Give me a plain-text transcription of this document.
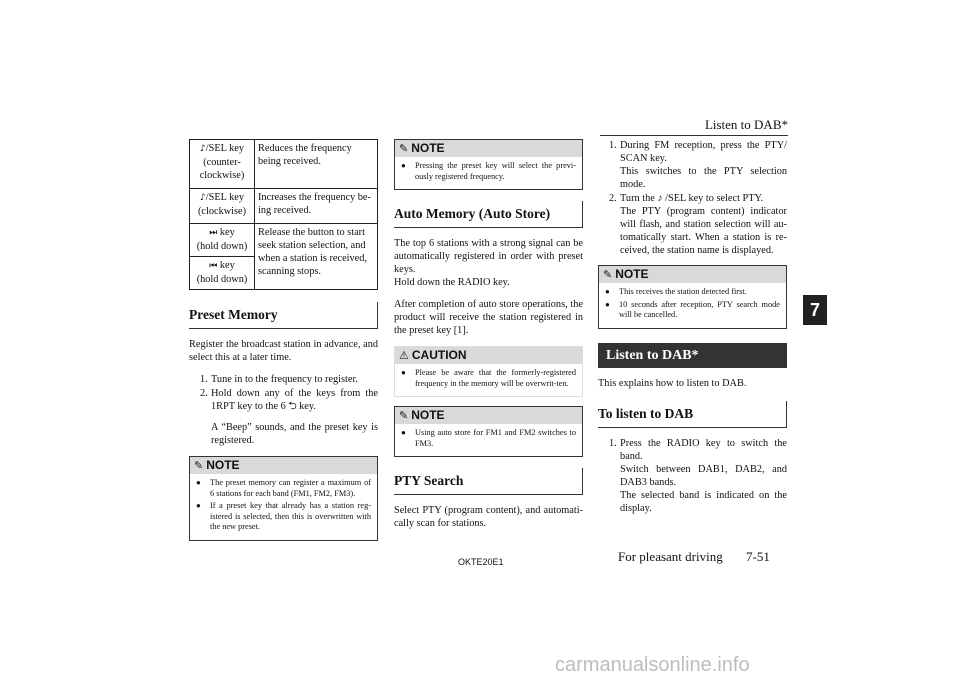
Listen to DAB*
7
♪/SEL key
(counter-
clockwise)	Reduces the frequency being received.
♪/SEL key
(clockwise)	Increases the frequency be- ing received.
⏭ key
(hold down)	Release the button to start seek station selection, and when a station is received, scanning stops.
⏮ key
(hold down)	
Preset Memory

Register the broadcast station in advance, and select this at a later time.

1. Tune in to the frequency to register.
2. Hold down any of the keys from the 1RPT key to the 6 ⮌ key.
A “Beep” sounds, and the preset key is registered.
✎ NOTE
● The preset memory can register a maximum of 6 stations for each band (FM1, FM2, FM3).
● If a preset key that already has a station reg-istered is selected, then this is overwritten with the new preset.
✎ NOTE
● Pressing the preset key will select the previ-ously registered frequency.
Auto Memory (Auto Store)

The top 6 stations with a strong signal can be automatically registered in order with preset keys.
Hold down the RADIO key.

After completion of auto store operations, the product will receive the station registered in the preset key [1].

⚠ CAUTION
● Please be aware that the formerly-registered frequency in the memory will be overwrit-ten.
✎ NOTE
● Using auto store for FM1 and FM2 switches to FM3.
PTY Search

Select PTY (program content), and automati-cally scan for stations.

1. During FM reception, press the PTY/ SCAN key.
This switches to the PTY selection mode.
2. Turn the ♪ /SEL key to select PTY.
The PTY (program content) indicator will flash, and station selection will au-tomatically start. When a station is re-ceived, the station name is displayed.
✎ NOTE
● This receives the station detected first.
● 10 seconds after reception, PTY search mode will be cancelled.
Listen to DAB*

This explains how to listen to DAB.

To listen to DAB
1. Press the RADIO key to switch the band.
Switch between DAB1, DAB2, and DAB3 bands.
The selected band is indicated on the display.
OKTE20E1	For pleasant driving 7-51
carmanualsonline.info
